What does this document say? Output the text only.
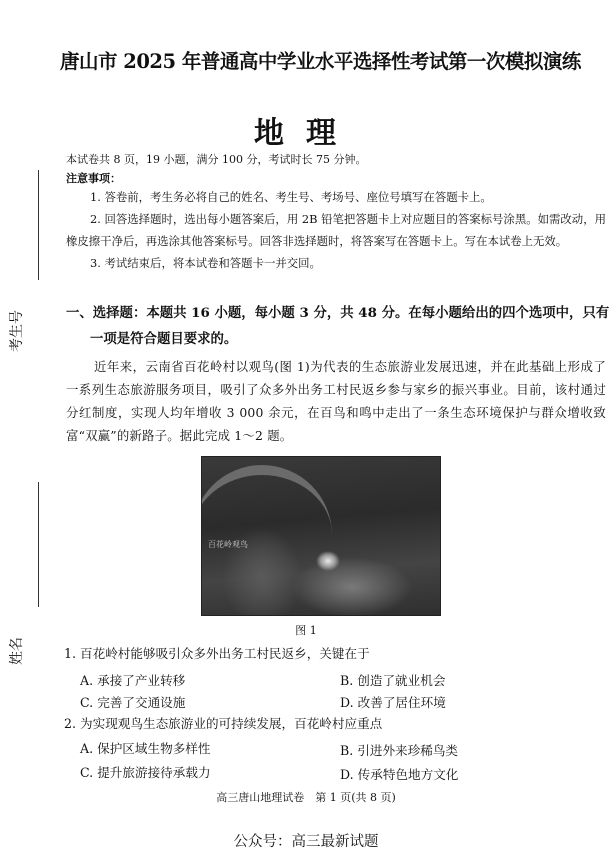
考生号
姓名
唐山市 2025 年普通高中学业水平选择性考试第一次模拟演练
地理
本试卷共 8 页，19 小题，满分 100 分，考试时长 75 分钟。
注意事项：

1. 答卷前，考生务必将自己的姓名、考生号、考场号、座位号填写在答题卡上。

2. 回答选择题时，选出每小题答案后，用 2B 铅笔把答题卡上对应题目的答案标号涂黑。如需改动，用橡皮擦干净后，再选涂其他答案标号。回答非选择题时，将答案写在答题卡上。写在本试卷上无效。

3. 考试结束后，将本试卷和答题卡一并交回。

一、选择题：本题共 16 小题，每小题 3 分，共 48 分。在每小题给出的四个选项中，只有
一项是符合题目要求的。
近年来，云南省百花岭村以观鸟(图 1)为代表的生态旅游业发展迅速，并在此基础上形成了一系列生态旅游服务项目，吸引了众多外出务工村民返乡参与家乡的振兴事业。目前，该村通过分红制度，实现人均年增收 3 000 余元，在百鸟和鸣中走出了一条生态环境保护与群众增收致富“双赢”的新路子。据此完成 1～2 题。
百花岭观鸟
图 1
1. 百花岭村能够吸引众多外出务工村民返乡，关键在于
A. 承接了产业转移	B. 创造了就业机会
C. 完善了交通设施	D. 改善了居住环境
2. 为实现观鸟生态旅游业的可持续发展，百花岭村应重点
A. 保护区域生物多样性	B. 引进外来珍稀鸟类
C. 提升旅游接待承载力	D. 传承特色地方文化
高三唐山地理试卷　第 1 页(共 8 页)
公众号：高三最新试题
